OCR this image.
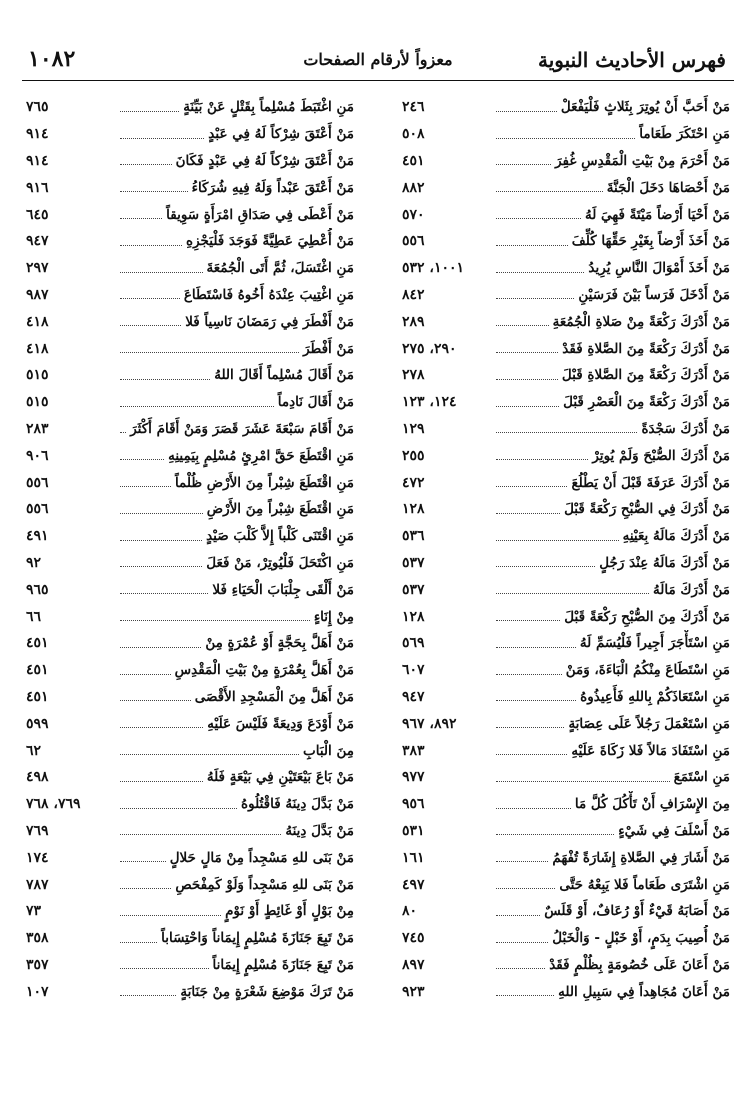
فهرس الأحاديث النبوية
معزواً لأرقام الصفحات
١٠٨٢
مَنْ أَحَبَّ أَنْ يُوتِرَ بِثَلاثٍ فَلْيَفْعَلْ
٢٤٦
مَنِ احْتَكَرَ طَعَاماً
٥٠٨
مَنْ أَحْرَمَ مِنْ بَيْتِ الْمَقْدِسِ غُفِرَ
٤٥١
مَنْ أَحْصَاهَا دَخَلَ الْجَنَّةَ
٨٨٢
مَنْ أَحْيَا أَرْضاً مَيْتَةً فَهِيَ لَهُ
٥٧٠
مَنْ أَخَذَ أَرْضاً بِغَيْرِ حَقِّهَا كُلِّفَ
٥٥٦
مَنْ أَخَذَ أَمْوَالَ النَّاسِ يُرِيدُ
١٠٠١، ٥٣٢
مَنْ أَدْخَلَ فَرَساً بَيْنَ فَرَسَيْنِ
٨٤٢
مَنْ أَدْرَكَ رَكْعَةً مِنْ صَلاةِ الْجُمُعَةِ
٢٨٩
مَنْ أَدْرَكَ رَكْعَةً مِنَ الصَّلاةِ فَقَدْ
٢٩٠، ٢٧٥
مَنْ أَدْرَكَ رَكْعَةً مِنَ الصَّلاةِ قَبْلَ
٢٧٨
مَنْ أَدْرَكَ رَكْعَةً مِنَ الْعَصْرِ قَبْلَ
١٢٤، ١٢٣
مَنْ أَدْرَكَ سَجْدَةً
١٢٩
مَنْ أَدْرَكَ الصُّبْحَ وَلَمْ يُوتِرْ
٢٥٥
مَنْ أَدْرَكَ عَرَفَةَ قَبْلَ أَنْ يَطْلُعَ
٤٧٢
مَنْ أَدْرَكَ فِي الصُّبْحِ رَكْعَةً قَبْلَ
١٢٨
مَنْ أَدْرَكَ مَالَهُ بِعَيْنِهِ
٥٣٦
مَنْ أَدْرَكَ مَالَهُ عِنْدَ رَجُلٍ
٥٣٧
مَنْ أَدْرَكَ مَالَهُ
٥٣٧
مَنْ أَدْرَكَ مِنَ الصُّبْحِ رَكْعَةً قَبْلَ
١٢٨
مَنِ اسْتَأْجَرَ أَجِيراً فَلْيُسَمِّ لَهُ
٥٦٩
مَنِ اسْتَطَاعَ مِنْكُمُ الْبَاءَةَ، وَمَنْ
٦٠٧
مَنِ اسْتَعَاذَكُمْ بِاللهِ فَأَعِيذُوهُ
٩٤٧
مَنِ اسْتَعْمَلَ رَجُلاً عَلَى عِصَابَةٍ
٨٩٢، ٩٦٧
مَنِ اسْتَفَادَ مَالاً فَلا زَكَاةَ عَلَيْهِ
٣٨٣
مَنِ اسْتَمَعَ
٩٧٧
مِنَ الإِسْرَافِ أَنْ تَأْكُلَ كُلَّ مَا
٩٥٦
مَنْ أَسْلَفَ فِي شَيْءٍ
٥٣١
مَنْ أَشَارَ فِي الصَّلاةِ إِشَارَةً تُفْهَمُ
١٦١
مَنِ اشْتَرَى طَعَاماً فَلا يَبِعْهُ حَتَّى
٤٩٧
مَنْ أَصَابَهُ قَيْءٌ أَوْ رُعَافٌ، أَوْ قَلَسٌ
٨٠
مَنْ أُصِيبَ بِدَمٍ، أَوْ خَبْلٍ - وَالْخَبْلُ
٧٤٥
مَنْ أَعَانَ عَلَى خُصُومَةٍ بِظُلْمٍ فَقَدْ
٨٩٧
مَنْ أَعَانَ مُجَاهِداً فِي سَبِيلِ اللهِ
٩٢٣
مَنِ اغْتَبَطَ مُسْلِماً بِقَتْلٍ عَنْ بَيِّنَةٍ
٧٦٥
مَنْ أَعْتَقَ شِرْكاً لَهُ فِي عَبْدٍ
٩١٤
مَنْ أَعْتَقَ شِرْكاً لَهُ فِي عَبْدٍ فَكَانَ
٩١٤
مَنْ أَعْتَقَ عَبْداً وَلَهُ فِيهِ شُرَكَاءُ
٩١٦
مَنْ أَعْطَى فِي صَدَاقِ امْرَأَةٍ سَوِيقاً
٦٤٥
مَنْ أُعْطِيَ عَطِيَّةً فَوَجَدَ فَلْيَجْزِهِ
٩٤٧
مَنِ اغْتَسَلَ، ثُمَّ أَتَى الْجُمُعَةَ
٢٩٧
مَنِ اغْتِيبَ عِنْدَهُ أَخُوهُ فَاسْتَطَاعَ
٩٨٧
مَنْ أَفْطَرَ فِي رَمَضَانَ نَاسِياً فَلا
٤١٨
مَنْ أَفْطَرَ
٤١٨
مَنْ أَقَالَ مُسْلِماً أَقَالَ اللهُ
٥١٥
مَنْ أَقَالَ نَادِماً
٥١٥
مَنْ أَقَامَ سَبْعَةَ عَشَرَ قَصَرَ وَمَنْ أَقَامَ أَكْثَرَ
٢٨٣
مَنِ اقْتَطَعَ حَقَّ امْرِئٍ مُسْلِمٍ بِيَمِينِهِ
٩٠٦
مَنِ اقْتَطَعَ شِبْراً مِنَ الأَرْضِ ظُلْماً
٥٥٦
مَنِ اقْتَطَعَ شِبْراً مِنَ الأَرْضِ
٥٥٦
مَنِ اقْتَنَى كَلْباً إِلاَّ كَلْبَ صَيْدٍ
٤٩١
مَنِ اكْتَحَلَ فَلْيُوتِرْ، مَنْ فَعَلَ
٩٢
مَنْ أَلْقَى جِلْبَابَ الْحَيَاءِ فَلا
٩٦٥
مِنْ إِنَاءٍ
٦٦
مَنْ أَهَلَّ بِحَجَّةٍ أَوْ عُمْرَةٍ مِنْ
٤٥١
مَنْ أَهَلَّ بِعُمْرَةٍ مِنْ بَيْتِ الْمَقْدِسِ
٤٥١
مَنْ أَهَلَّ مِنَ الْمَسْجِدِ الأَقْصَى
٤٥١
مَنْ أَوْدَعَ وَدِيعَةً فَلَيْسَ عَلَيْهِ
٥٩٩
مِنَ الْبَابِ
٦٢
مَنْ بَاعَ بَيْعَتَيْنِ فِي بَيْعَةٍ فَلَهُ
٤٩٨
مَنْ بَدَّلَ دِينَهُ فَاقْتُلُوهُ
٧٦٩، ٧٦٨
مَنْ بَدَّلَ دِينَهُ
٧٦٩
مَنْ بَنَى للهِ مَسْجِداً مِنْ مَالٍ حَلالٍ
١٧٤
مَنْ بَنَى للهِ مَسْجِداً وَلَوْ كَمِفْحَصِ
٧٨٧
مِنْ بَوْلٍ أَوْ غَائِطٍ أَوْ نَوْمٍ
٧٣
مَنْ تَبِعَ جَنَازَةَ مُسْلِمٍ إِيمَاناً وَاحْتِسَاباً
٣٥٨
مَنْ تَبِعَ جَنَازَةَ مُسْلِمٍ إِيمَاناً
٣٥٧
مَنْ تَرَكَ مَوْضِعَ شَعْرَةٍ مِنْ جَنَابَةٍ
١٠٧
